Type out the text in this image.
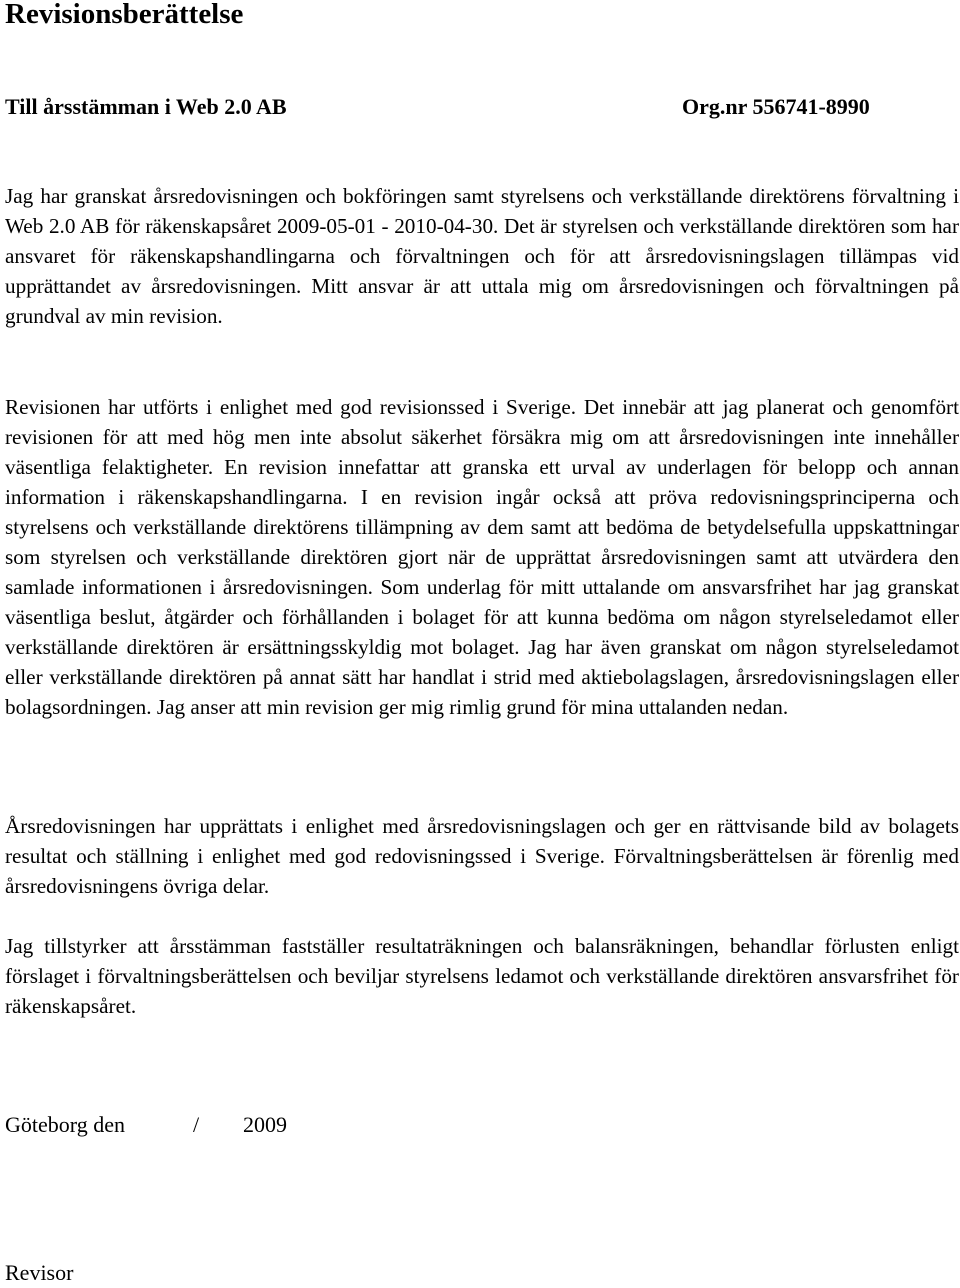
Revisionsberättelse
Till årsstämman i Web 2.0 AB	Org.nr 556741-8990

Jag har granskat årsredovisningen och bokföringen samt styrelsens och verkställande direktörens förvaltning i Web 2.0 AB för räkenskapsåret 2009-05-01 - 2010-04-30. Det är styrelsen och verkställande direktören som har ansvaret för räkenskapshandlingarna och förvaltningen och för att årsredovisningslagen tillämpas vid upprättandet av årsredovisningen. Mitt ansvar är att uttala mig om årsredovisningen och förvaltningen på grundval av min revision.

Revisionen har utförts i enlighet med god revisionssed i Sverige. Det innebär att jag planerat och genomfört revisionen för att med hög men inte absolut säkerhet försäkra mig om att årsredovisningen inte innehåller väsentliga felaktigheter. En revision innefattar att granska ett urval av underlagen för belopp och annan information i räkenskapshandlingarna. I en revision ingår också att pröva redovisningsprinciperna och styrelsens och verkställande direktörens tillämpning av dem samt att bedöma de betydelsefulla uppskattningar som styrelsen och verkställande direktören gjort när de upprättat årsredovisningen samt att utvärdera den samlade informationen i årsredovisningen. Som underlag för mitt uttalande om ansvarsfrihet har jag granskat väsentliga beslut, åtgärder och förhållanden i bolaget för att kunna bedöma om någon styrelseledamot eller verkställande direktören är ersättningsskyldig mot bolaget. Jag har även granskat om någon styrelseledamot eller verkställande direktören på annat sätt har handlat i strid med aktiebolagslagen, årsredovisningslagen eller bolagsordningen. Jag anser att min revision ger mig rimlig grund för mina uttalanden nedan.

Årsredovisningen har upprättats i enlighet med årsredovisningslagen och ger en rättvisande bild av bolagets resultat och ställning i enlighet med god redovisningssed i Sverige. Förvaltningsberättelsen är förenlig med årsredovisningens övriga delar.

Jag tillstyrker att årsstämman fastställer resultaträkningen och balansräkningen, behandlar förlusten enligt förslaget i förvaltningsberättelsen och beviljar styrelsens ledamot och verkställande direktören ansvarsfrihet för räkenskapsåret.

Göteborg den	/ 2009
Revisor
